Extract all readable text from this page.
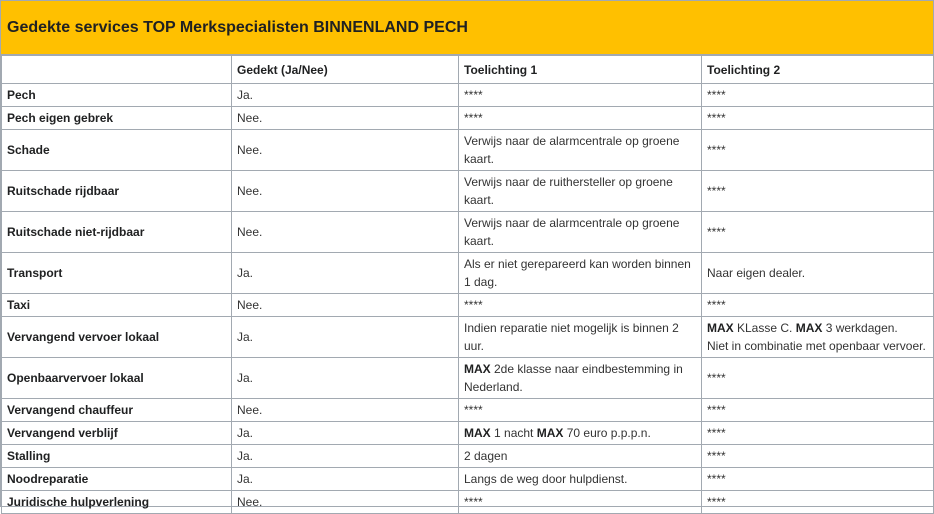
Gedekte services TOP Merkspecialisten BINNENLAND PECH
	Gedekt (Ja/Nee)	Toelichting 1	Toelichting 2
Pech	Ja.	****	****
Pech eigen gebrek	Nee.	****	****
Schade	Nee.	Verwijs naar de alarmcentrale op groene kaart.	****
Ruitschade rijdbaar	Nee.	Verwijs naar de ruithersteller op groene kaart.	****
Ruitschade niet-rijdbaar	Nee.	Verwijs naar de alarmcentrale op groene kaart.	****
Transport	Ja.	Als er niet gerepareerd kan worden binnen 1 dag.	Naar eigen dealer.
Taxi	Nee.	****	****
Vervangend vervoer lokaal	Ja.	Indien reparatie niet mogelijk is binnen 2 uur.	MAX KLasse C. MAX 3 werkdagen.
Niet in combinatie met openbaar vervoer.
Openbaarvervoer lokaal	Ja.	MAX 2de klasse naar eindbestemming in Nederland.	****
Vervangend chauffeur	Nee.	****	****
Vervangend verblijf	Ja.	MAX 1 nacht MAX 70 euro p.p.p.n.	****
Stalling	Ja.	2 dagen	****
Noodreparatie	Ja.	Langs de weg door hulpdienst.	****
Juridische hulpverlening	Nee.	****	****
